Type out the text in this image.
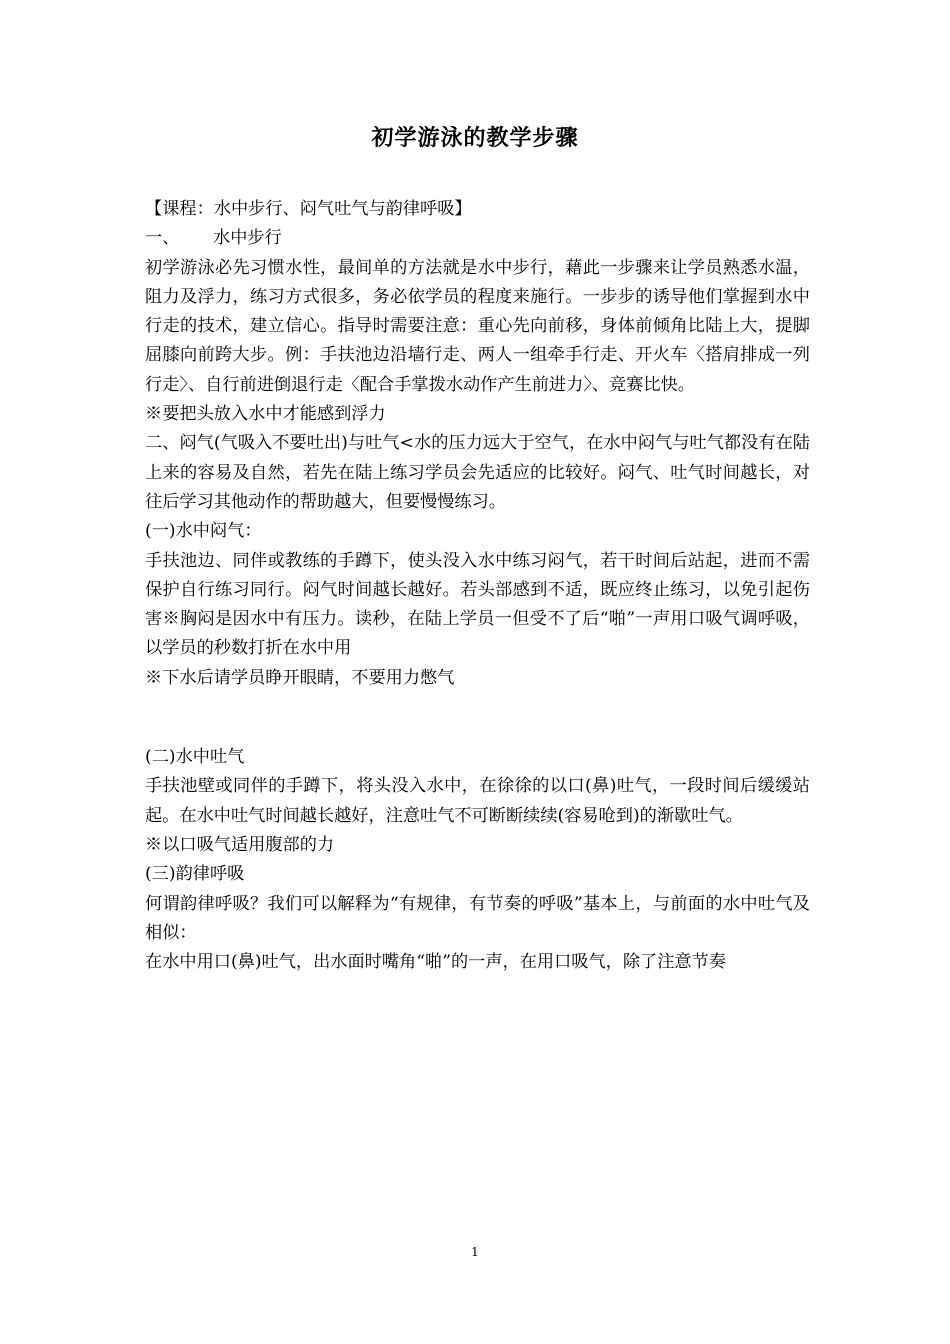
初学游泳的教学步骤

【课程：水中步行、闷气吐气与韵律呼吸】

一、 水中步行

初学游泳必先习惯水性，最间单的方法就是水中步行，藉此一步骤来让学员熟悉水温，阻力及浮力，练习方式很多，务必依学员的程度来施行。一步步的诱导他们掌握到水中行走的技术，建立信心。指导时需要注意：重心先向前移，身体前倾角比陆上大，提脚屈膝向前跨大步。例：手扶池边沿墙行走、两人一组牵手行走、开火车〈搭肩排成一列行走〉、自行前进倒退行走〈配合手掌拨水动作产生前进力〉、竞赛比快。

※要把头放入水中才能感到浮力

二、闷气(气吸入不要吐出)与吐气<水的压力远大于空气，在水中闷气与吐气都没有在陆上来的容易及自然，若先在陆上练习学员会先适应的比较好。闷气、吐气时间越长，对往后学习其他动作的帮助越大，但要慢慢练习。

(一)水中闷气：

手扶池边、同伴或教练的手蹲下，使头没入水中练习闷气，若干时间后站起，进而不需保护自行练习同行。闷气时间越长越好。若头部感到不适，既应终止练习，以免引起伤害※胸闷是因水中有压力。读秒，在陆上学员一但受不了后“啪”一声用口吸气调呼吸，以学员的秒数打折在水中用

※下水后请学员睁开眼睛，不要用力憋气

(二)水中吐气

手扶池壁或同伴的手蹲下，将头没入水中，在徐徐的以口(鼻)吐气，一段时间后缓缓站起。在水中吐气时间越长越好，注意吐气不可断断续续(容易呛到)的渐歇吐气。

※以口吸气适用腹部的力

(三)韵律呼吸

何谓韵律呼吸？我们可以解释为“有规律，有节奏的呼吸”基本上，与前面的水中吐气及相似：

在水中用口(鼻)吐气，出水面时嘴角“啪”的一声，在用口吸气，除了注意节奏

1
